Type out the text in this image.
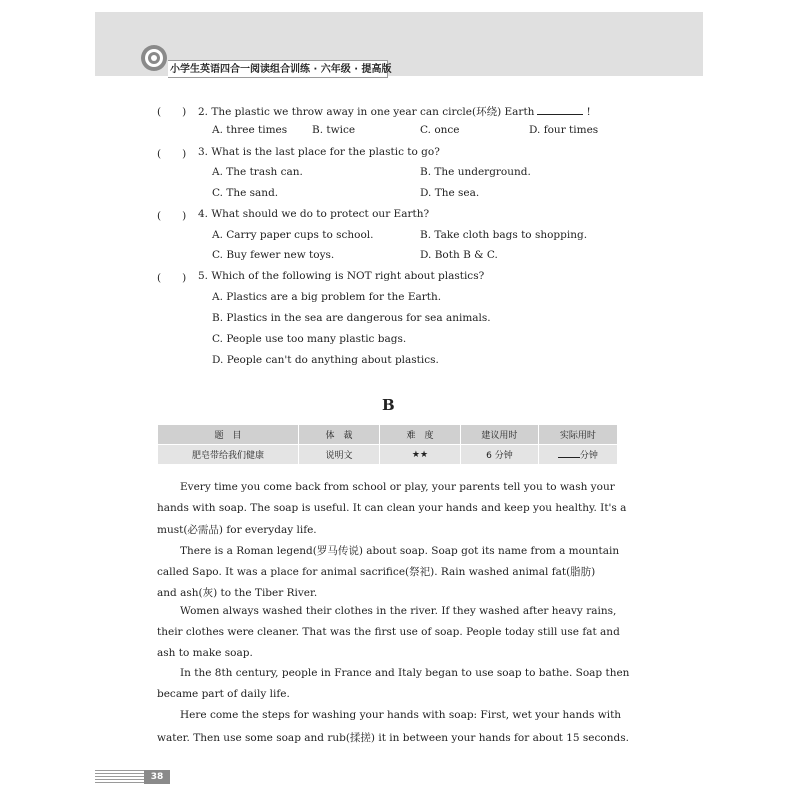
小学生英语四合一阅读组合训练 · 六年级 · 提高版
(　　) 2. The plastic we throw away in one year can circle(环绕) Earth	!
A. three times B. twice	C. once	D. four times
(　　) 3. What is the last place for the plastic to go?
A. The trash can.	B. The underground.
C. The sand.	D. The sea.
(　　) 4. What should we do to protect our Earth?
A. Carry paper cups to school.	B. Take cloth bags to shopping.
C. Buy fewer new toys.	D. Both B & C.
(　　) 5. Which of the following is NOT right about plastics?
A. Plastics are a big problem for the Earth.
B. Plastics in the sea are dangerous for sea animals.
C. People use too many plastic bags.
D. People can't do anything about plastics.
B
题　目	体　裁	难　度	建议用时	实际用时
肥皂带给我们健康	说明文	★★	6 分钟	分钟
Every time you come back from school or play, your parents tell you to wash your
hands with soap. The soap is useful. It can clean your hands and keep you healthy. It's a
must(必需品) for everyday life.
There is a Roman legend(罗马传说) about soap. Soap got its name from a mountain
called Sapo. It was a place for animal sacrifice(祭祀). Rain washed animal fat(脂肪)
and ash(灰) to the Tiber River.
Women always washed their clothes in the river. If they washed after heavy rains,
their clothes were cleaner. That was the first use of soap. People today still use fat and
ash to make soap.
In the 8th century, people in France and Italy began to use soap to bathe. Soap then
became part of daily life.
Here come the steps for washing your hands with soap: First, wet your hands with
water. Then use some soap and rub(揉搓) it in between your hands for about 15 seconds.
38
